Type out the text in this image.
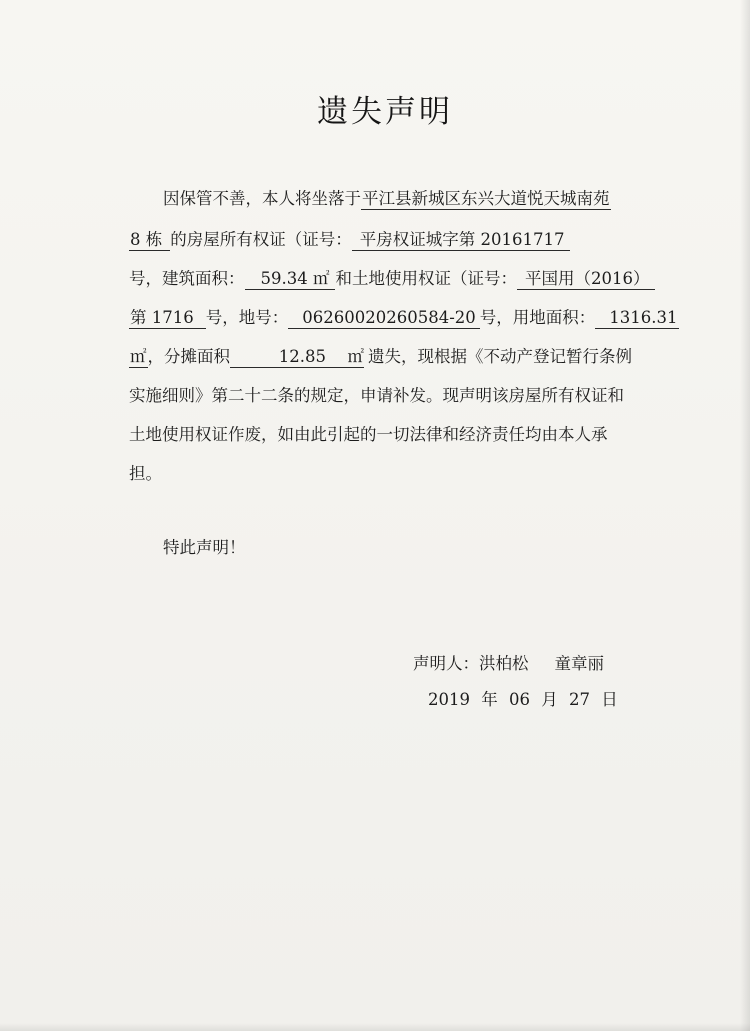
遗失声明
因保管不善，本人将坐落于平江县新城区东兴大道悦天城南苑
8 栋 的房屋所有权证（证号： 平房权证城字第 20161717
号，建筑面积： 59.34 ㎡ 和土地使用权证（证号： 平国用（2016）
第 1716 号，地号： 06260020260584-20 号，用地面积： 1316.31
㎡，分摊面积	12.85 ㎡ 遗失，现根据《不动产登记暂行条例
实施细则》第二十二条的规定，申请补发。现声明该房屋所有权证和
土地使用权证作废，如由此引起的一切法律和经济责任均由本人承
担。
特此声明！
声明人：洪柏松 童章丽
2019 年 06 月 27 日
